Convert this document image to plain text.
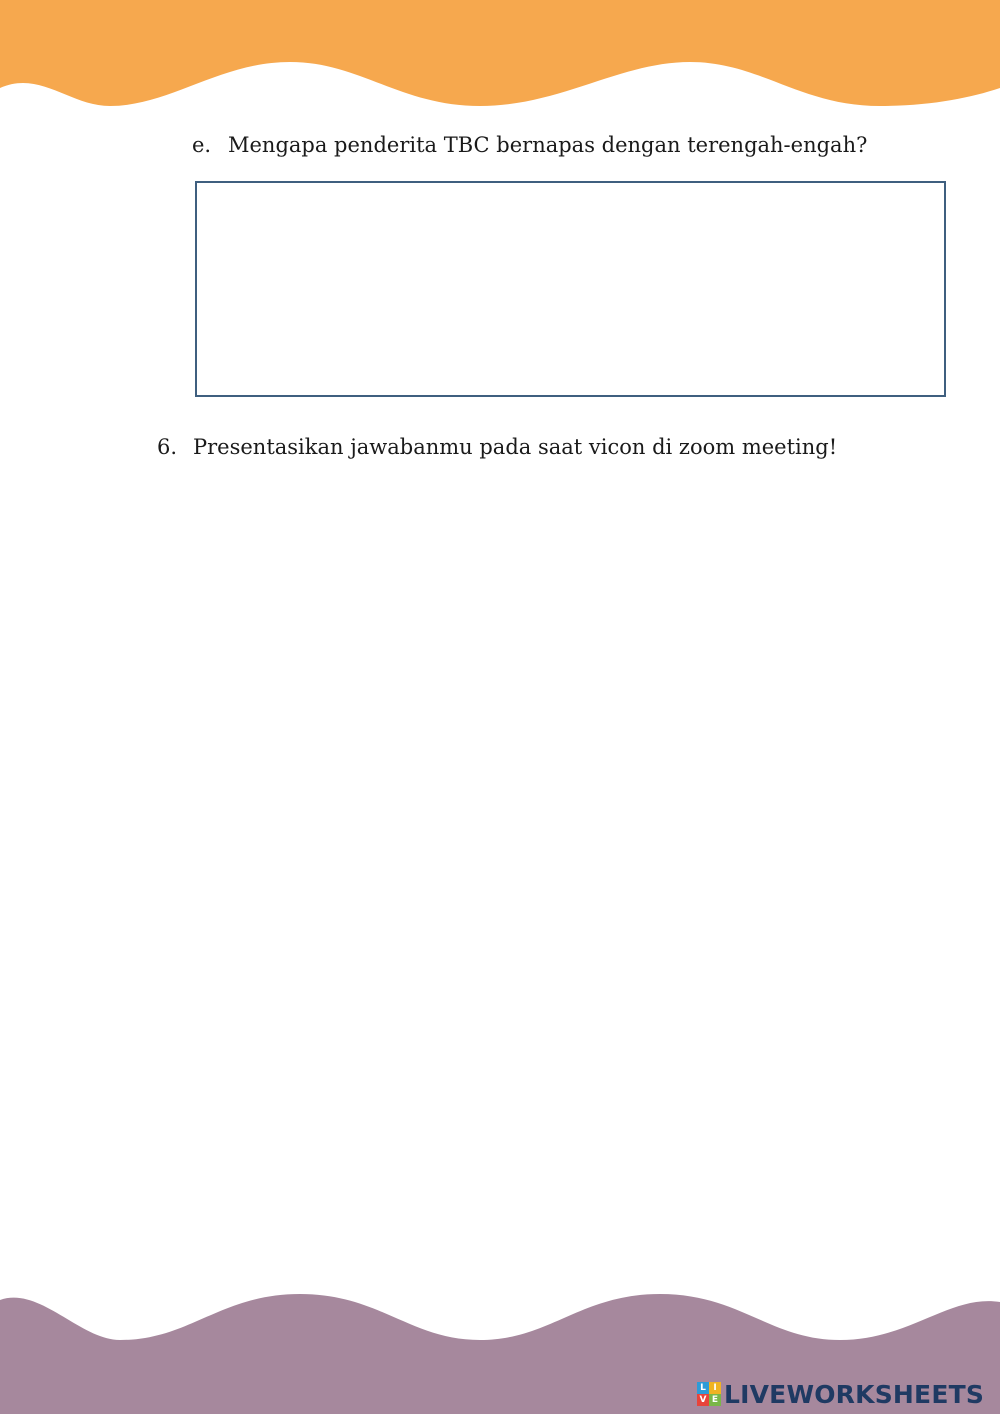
e. Mengapa penderita TBC bernapas dengan terengah-engah?
6. Presentasikan jawabanmu pada saat vicon di zoom meeting!
L I
V E LIVEWORKSHEETS
